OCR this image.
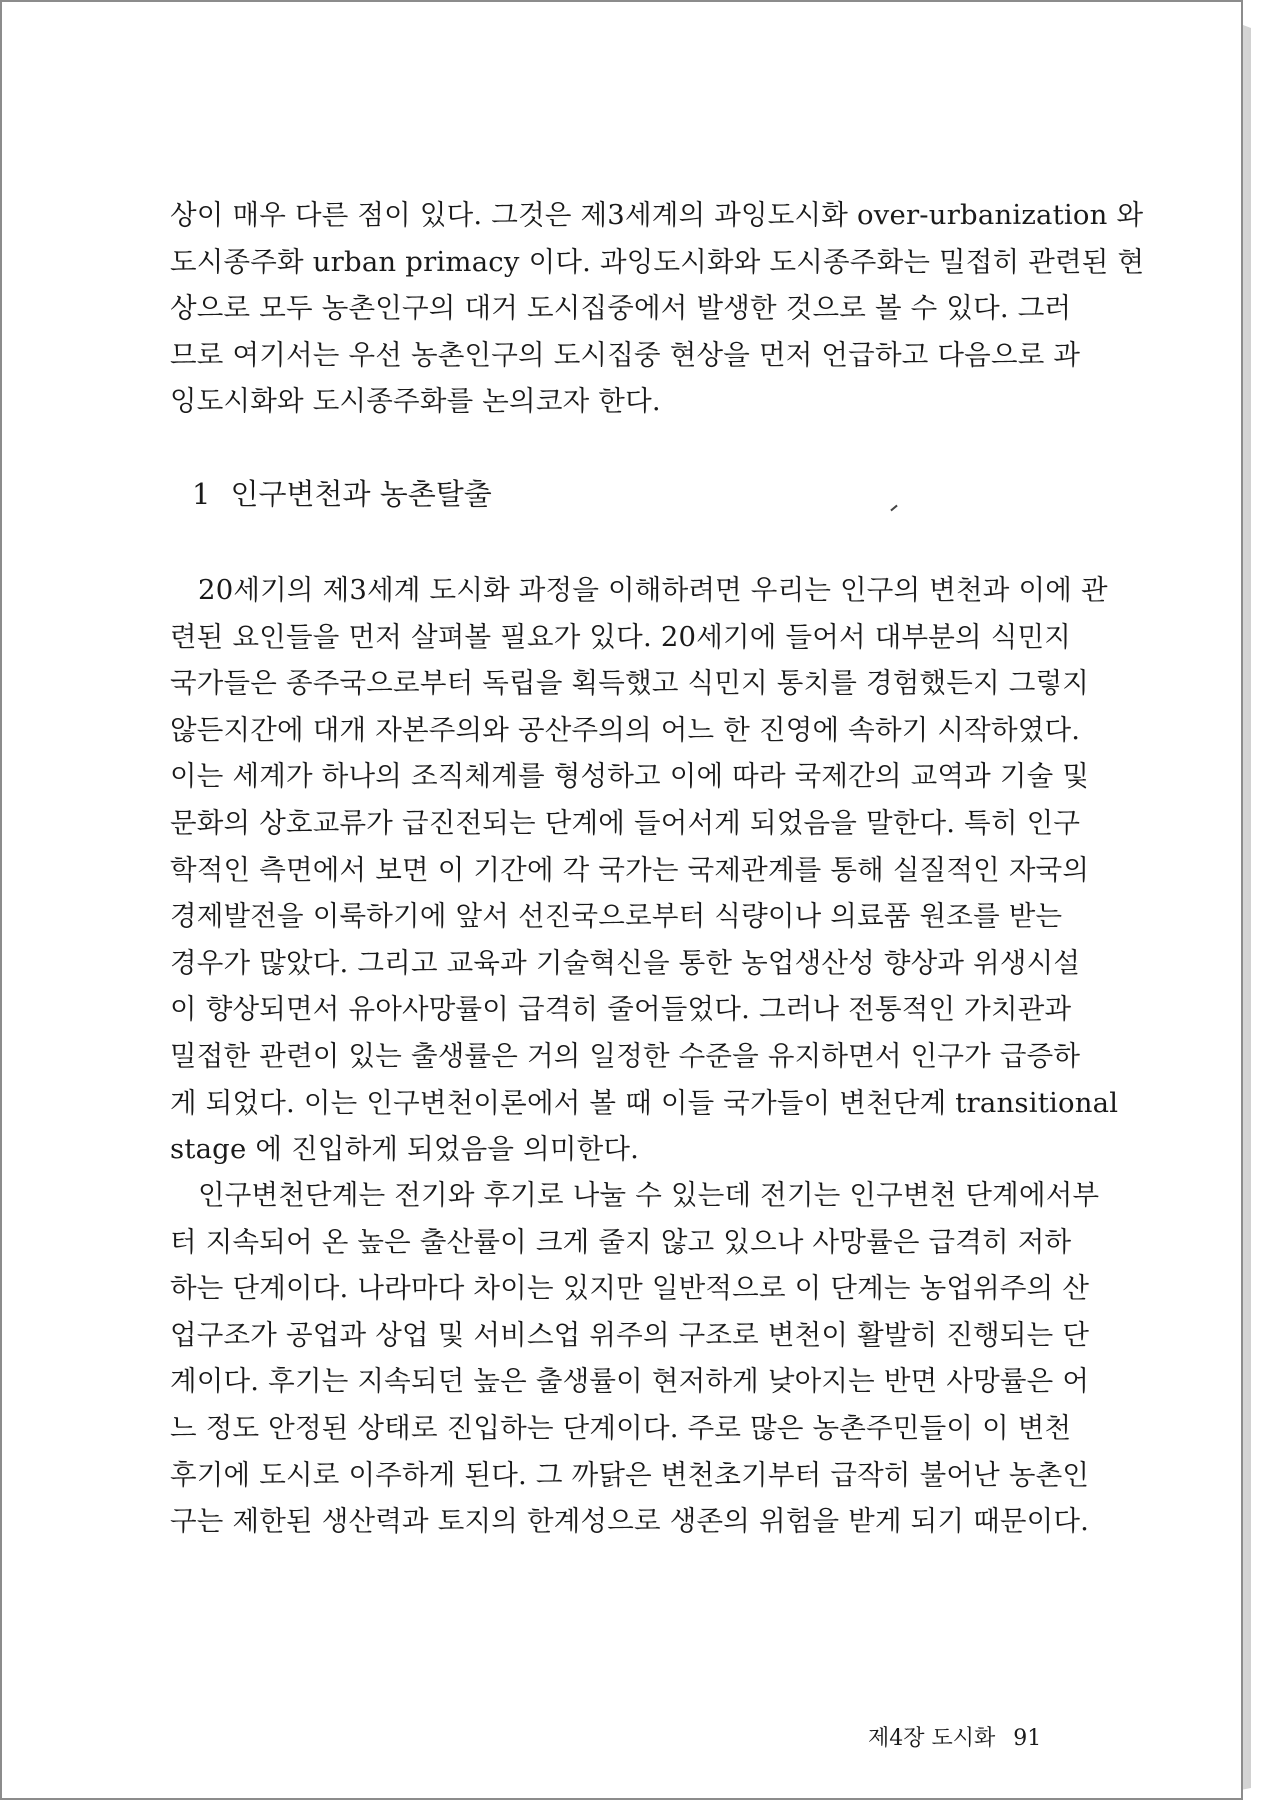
상이 매우 다른 점이 있다. 그것은 제3세계의 과잉도시화 over-urbanization 와
도시종주화 urban primacy 이다. 과잉도시화와 도시종주화는 밀접히 관련된 현
상으로 모두 농촌인구의 대거 도시집중에서 발생한 것으로 볼 수 있다. 그러
므로 여기서는 우선 농촌인구의 도시집중 현상을 먼저 언급하고 다음으로 과
잉도시화와 도시종주화를 논의코자 한다.
1 인구변천과 농촌탈출
20세기의 제3세계 도시화 과정을 이해하려면 우리는 인구의 변천과 이에 관
련된 요인들을 먼저 살펴볼 필요가 있다. 20세기에 들어서 대부분의 식민지
국가들은 종주국으로부터 독립을 획득했고 식민지 통치를 경험했든지 그렇지
않든지간에 대개 자본주의와 공산주의의 어느 한 진영에 속하기 시작하였다.
이는 세계가 하나의 조직체계를 형성하고 이에 따라 국제간의 교역과 기술 및
문화의 상호교류가 급진전되는 단계에 들어서게 되었음을 말한다. 특히 인구
학적인 측면에서 보면 이 기간에 각 국가는 국제관계를 통해 실질적인 자국의
경제발전을 이룩하기에 앞서 선진국으로부터 식량이나 의료품 원조를 받는
경우가 많았다. 그리고 교육과 기술혁신을 통한 농업생산성 향상과 위생시설
이 향상되면서 유아사망률이 급격히 줄어들었다. 그러나 전통적인 가치관과
밀접한 관련이 있는 출생률은 거의 일정한 수준을 유지하면서 인구가 급증하
게 되었다. 이는 인구변천이론에서 볼 때 이들 국가들이 변천단계 transitional
stage 에 진입하게 되었음을 의미한다.
인구변천단계는 전기와 후기로 나눌 수 있는데 전기는 인구변천 단계에서부
터 지속되어 온 높은 출산률이 크게 줄지 않고 있으나 사망률은 급격히 저하
하는 단계이다. 나라마다 차이는 있지만 일반적으로 이 단계는 농업위주의 산
업구조가 공업과 상업 및 서비스업 위주의 구조로 변천이 활발히 진행되는 단
계이다. 후기는 지속되던 높은 출생률이 현저하게 낮아지는 반면 사망률은 어
느 정도 안정된 상태로 진입하는 단계이다. 주로 많은 농촌주민들이 이 변천
후기에 도시로 이주하게 된다. 그 까닭은 변천초기부터 급작히 불어난 농촌인
구는 제한된 생산력과 토지의 한계성으로 생존의 위험을 받게 되기 때문이다.
제4장 도시화 91
